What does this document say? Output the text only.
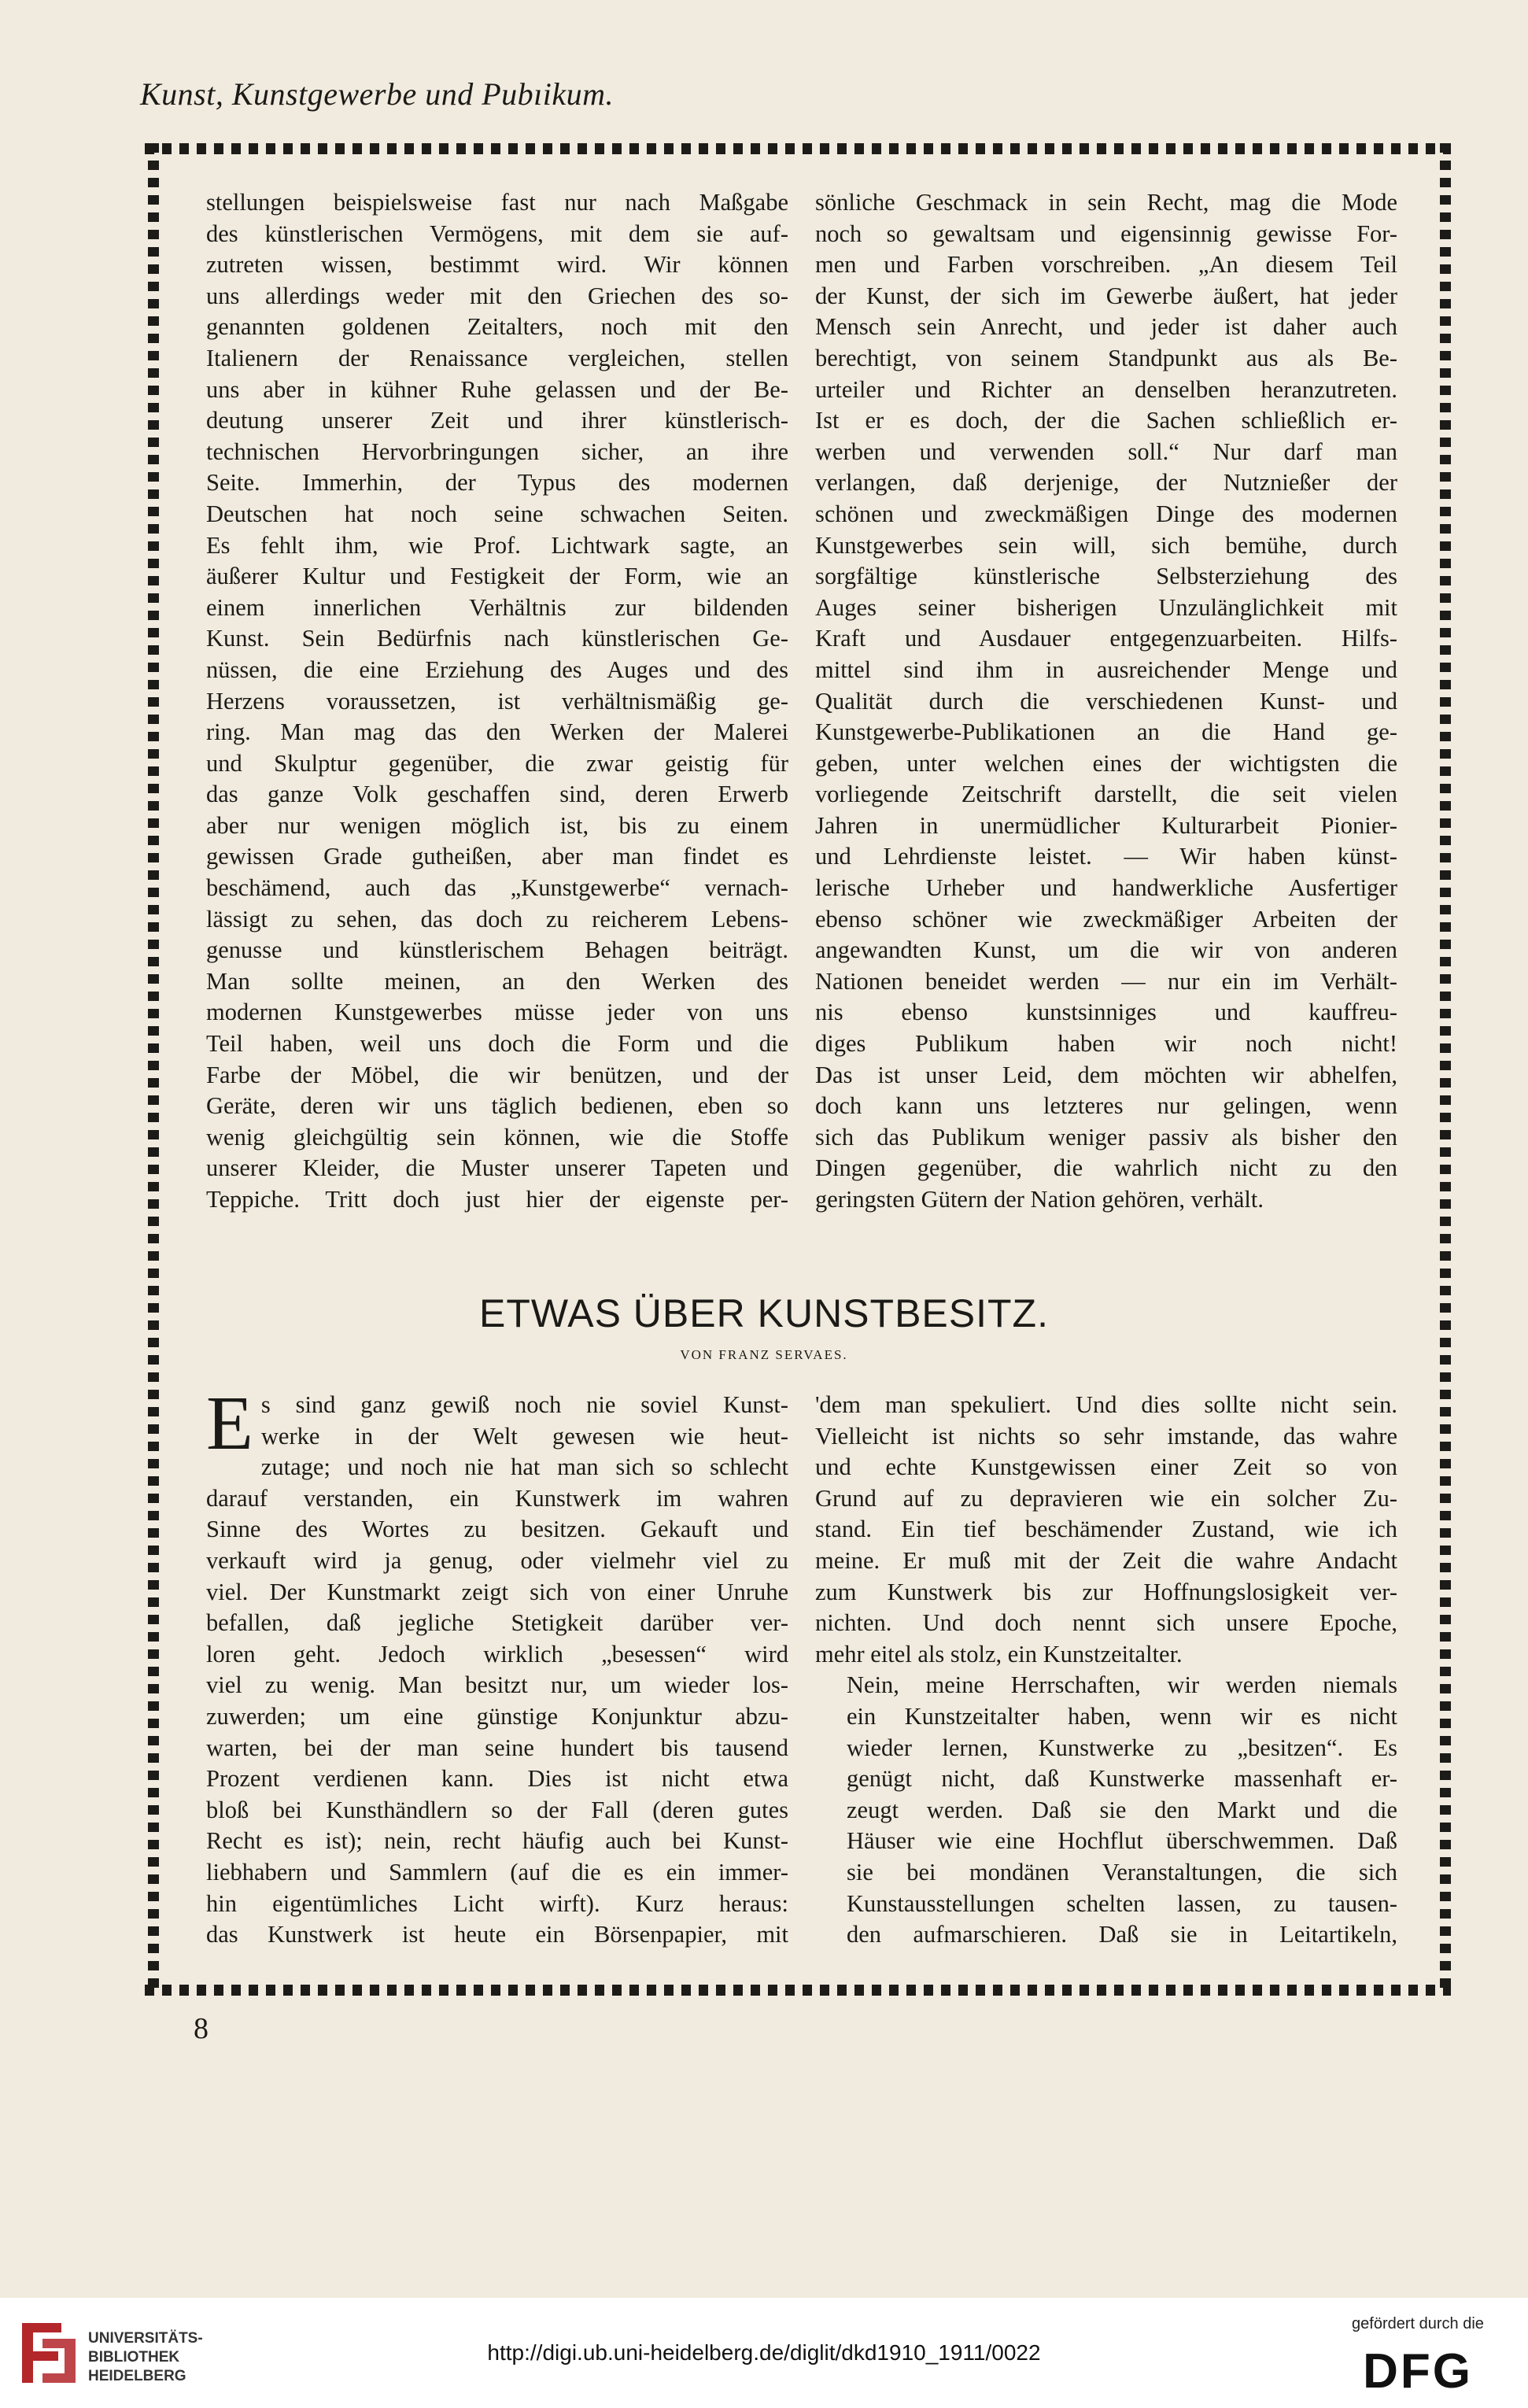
Kunst, Kunstgewerbe und Pubıikum.

stellungen beispielsweise fast nur nach Maßgabe
des künstlerischen Vermögens, mit dem sie auf-
zutreten wissen, bestimmt wird. Wir können
uns allerdings weder mit den Griechen des so-
genannten goldenen Zeitalters, noch mit den
Italienern der Renaissance vergleichen, stellen
uns aber in kühner Ruhe gelassen und der Be-
deutung unserer Zeit und ihrer künstlerisch-
technischen Hervorbringungen sicher, an ihre
Seite. Immerhin, der Typus des modernen
Deutschen hat noch seine schwachen Seiten.
Es fehlt ihm, wie Prof. Lichtwark sagte, an
äußerer Kultur und Festigkeit der Form, wie an
einem innerlichen Verhältnis zur bildenden
Kunst. Sein Bedürfnis nach künstlerischen Ge-
nüssen, die eine Erziehung des Auges und des
Herzens voraussetzen, ist verhältnismäßig ge-
ring. Man mag das den Werken der Malerei
und Skulptur gegenüber, die zwar geistig für
das ganze Volk geschaffen sind, deren Erwerb
aber nur wenigen möglich ist, bis zu einem
gewissen Grade gutheißen, aber man findet es
beschämend, auch das „Kunstgewerbe“ vernach-
lässigt zu sehen, das doch zu reicherem Lebens-
genusse und künstlerischem Behagen beiträgt.
Man sollte meinen, an den Werken des
modernen Kunstgewerbes müsse jeder von uns
Teil haben, weil uns doch die Form und die
Farbe der Möbel, die wir benützen, und der
Geräte, deren wir uns täglich bedienen, eben so
wenig gleichgültig sein können, wie die Stoffe
unserer Kleider, die Muster unserer Tapeten und
Teppiche. Tritt doch just hier der eigenste per-

sönliche Geschmack in sein Recht, mag die Mode
noch so gewaltsam und eigensinnig gewisse For-
men und Farben vorschreiben. „An diesem Teil
der Kunst, der sich im Gewerbe äußert, hat jeder
Mensch sein Anrecht, und jeder ist daher auch
berechtigt, von seinem Standpunkt aus als Be-
urteiler und Richter an denselben heranzutreten.
Ist er es doch, der die Sachen schließlich er-
werben und verwenden soll.“ Nur darf man
verlangen, daß derjenige, der Nutznießer der
schönen und zweckmäßigen Dinge des modernen
Kunstgewerbes sein will, sich bemühe, durch
sorgfältige künstlerische Selbsterziehung des
Auges seiner bisherigen Unzulänglichkeit mit
Kraft und Ausdauer entgegenzuarbeiten. Hilfs-
mittel sind ihm in ausreichender Menge und
Qualität durch die verschiedenen Kunst- und
Kunstgewerbe-Publikationen an die Hand ge-
geben, unter welchen eines der wichtigsten die
vorliegende Zeitschrift darstellt, die seit vielen
Jahren in unermüdlicher Kulturarbeit Pionier-
und Lehrdienste leistet. — Wir haben künst-
lerische Urheber und handwerkliche Ausfertiger
ebenso schöner wie zweckmäßiger Arbeiten der
angewandten Kunst, um die wir von anderen
Nationen beneidet werden — nur ein im Verhält-
nis ebenso kunstsinniges und kauffreu-
diges Publikum haben wir noch nicht!
Das ist unser Leid, dem möchten wir abhelfen,
doch kann uns letzteres nur gelingen, wenn
sich das Publikum weniger passiv als bisher den
Dingen gegenüber, die wahrlich nicht zu den
geringsten Gütern der Nation gehören, verhält.

ETWAS ÜBER KUNSTBESITZ.
VON FRANZ SERVAES.
E s sind ganz gewiß noch nie soviel Kunst-
werke in der Welt gewesen wie heut-
zutage; und noch nie hat man sich so schlecht
darauf verstanden, ein Kunstwerk im wahren
Sinne des Wortes zu besitzen. Gekauft und
verkauft wird ja genug, oder vielmehr viel zu
viel. Der Kunstmarkt zeigt sich von einer Unruhe
befallen, daß jegliche Stetigkeit darüber ver-
loren geht. Jedoch wirklich „besessen“ wird
viel zu wenig. Man besitzt nur, um wieder los-
zuwerden; um eine günstige Konjunktur abzu-
warten, bei der man seine hundert bis tausend
Prozent verdienen kann. Dies ist nicht etwa
bloß bei Kunsthändlern so der Fall (deren gutes
Recht es ist); nein, recht häufig auch bei Kunst-
liebhabern und Sammlern (auf die es ein immer-
hin eigentümliches Licht wirft). Kurz heraus:
das Kunstwerk ist heute ein Börsenpapier, mit

'dem man spekuliert. Und dies sollte nicht sein.
Vielleicht ist nichts so sehr imstande, das wahre
und echte Kunstgewissen einer Zeit so von
Grund auf zu depravieren wie ein solcher Zu-
stand. Ein tief beschämender Zustand, wie ich
meine. Er muß mit der Zeit die wahre Andacht
zum Kunstwerk bis zur Hoffnungslosigkeit ver-
nichten. Und doch nennt sich unsere Epoche,
mehr eitel als stolz, ein Kunstzeitalter.

Nein, meine Herrschaften, wir werden niemals
ein Kunstzeitalter haben, wenn wir es nicht
wieder lernen, Kunstwerke zu „besitzen“. Es
genügt nicht, daß Kunstwerke massenhaft er-
zeugt werden. Daß sie den Markt und die
Häuser wie eine Hochflut überschwemmen. Daß
sie bei mondänen Veranstaltungen, die sich
Kunstausstellungen schelten lassen, zu tausen-
den aufmarschieren. Daß sie in Leitartikeln,

8
UNIVERSITÄTS-
BIBLIOTHEK
HEIDELBERG
http://digi.ub.uni-heidelberg.de/diglit/dkd1910_1911/0022
gefördert durch die
DFG
